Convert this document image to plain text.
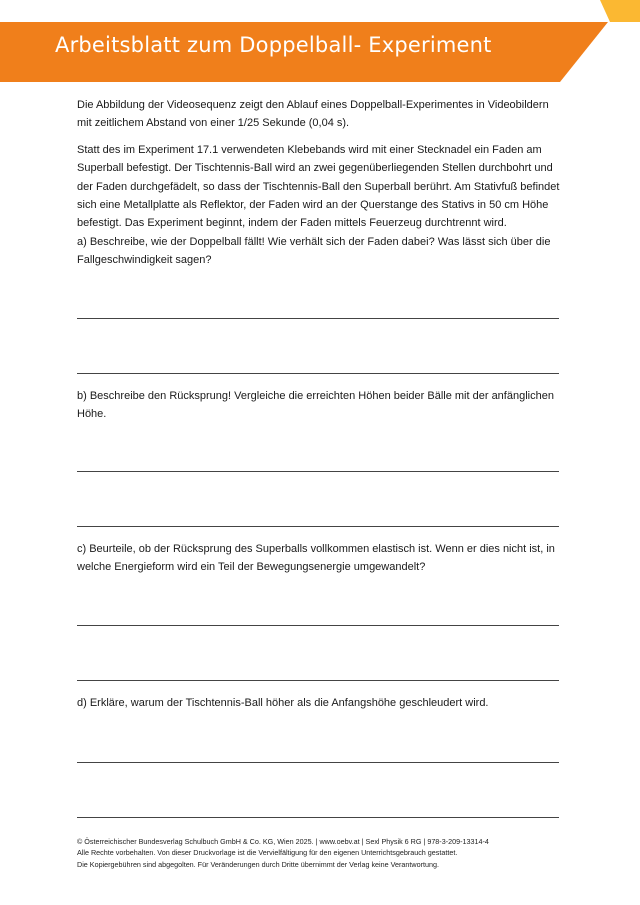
Arbeitsblatt zum Doppelball- Experiment

Die Abbildung der Videosequenz zeigt den Ablauf eines Doppelball-Experimentes in Videobildern mit zeitlichem Abstand von einer 1/25 Sekunde (0,04 s).

Statt des im Experiment 17.1 verwendeten Klebebands wird mit einer Stecknadel ein Faden am Superball befestigt. Der Tischtennis-Ball wird an zwei gegenüberliegenden Stellen durchbohrt und der Faden durchgefädelt, so dass der Tischtennis-Ball den Superball berührt. Am Stativfuß befindet sich eine Metallplatte als Reflektor, der Faden wird an der Querstange des Stativs in 50 cm Höhe befestigt. Das Experiment beginnt, indem der Faden mittels Feuerzeug durchtrennt wird.

a) Beschreibe, wie der Doppelball fällt! Wie verhält sich der Faden dabei? Was lässt sich über die Fallgeschwindigkeit sagen?

b) Beschreibe den Rücksprung! Vergleiche die erreichten Höhen beider Bälle mit der anfänglichen Höhe.

c) Beurteile, ob der Rücksprung des Superballs vollkommen elastisch ist. Wenn er dies nicht ist, in welche Energieform wird ein Teil der Bewegungsenergie umgewandelt?

d) Erkläre, warum der Tischtennis-Ball höher als die Anfangshöhe geschleudert wird.

© Österreichischer Bundesverlag Schulbuch GmbH & Co. KG, Wien 2025. | www.oebv.at | Sexl Physik 6 RG | 978-3-209-13314-4
Alle Rechte vorbehalten. Von dieser Druckvorlage ist die Vervielfältigung für den eigenen Unterrichtsgebrauch gestattet.
Die Kopiergebühren sind abgegolten. Für Veränderungen durch Dritte übernimmt der Verlag keine Verantwortung.
